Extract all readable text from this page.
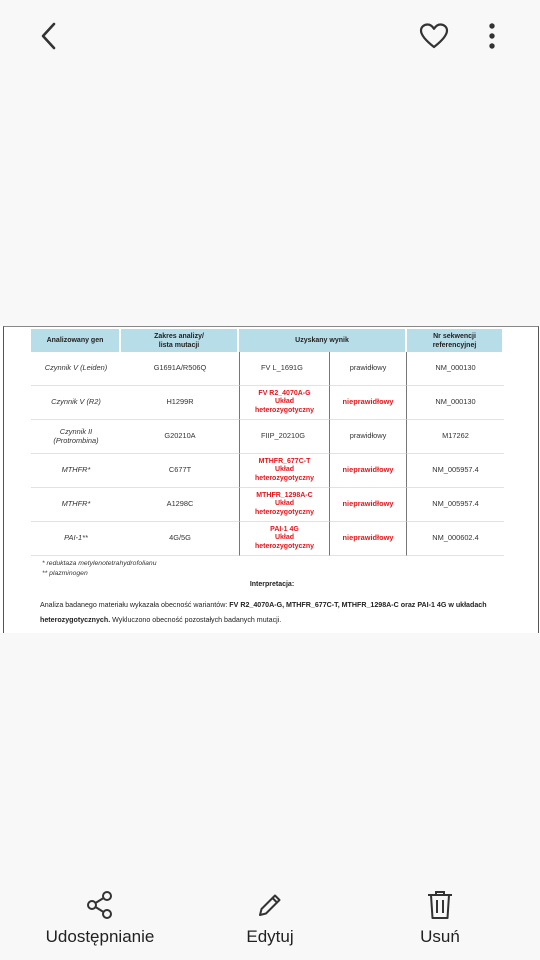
Analizowany gen	Zakres analizy/
lista mutacji	Uzyskany wynik		Nr sekwencji
referencyjnej
Czynnik V (Leiden)	G1691A/R506Q	FV L_1691G	prawidłowy	NM_000130
Czynnik V (R2)	H1299R	FV R2_4070A-G
Układ
heterozygotyczny	nieprawidłowy	NM_000130
Czynnik II
(Protrombina)	G20210A	FIIP_20210G	prawidłowy	M17262
MTHFR*	C677T	MTHFR_677C-T
Układ
heterozygotyczny	nieprawidłowy	NM_005957.4
MTHFR*	A1298C	MTHFR_1298A-C
Układ
heterozygotyczny	nieprawidłowy	NM_005957.4
PAI-1**	4G/5G	PAI-1 4G
Układ
heterozygotyczny	nieprawidłowy	NM_000602.4
* reduktaza metylenotetrahydrofolianu
** plazminogen
Interpretacja:
Analiza badanego materiału wykazała obecność wariantów: FV R2_4070A-G, MTHFR_677C-T, MTHFR_1298A-C oraz PAI-1 4G w układach heterozygotycznych. Wykluczono obecność pozostałych badanych mutacji.
Udostępnianie	Edytuj	Usuń
